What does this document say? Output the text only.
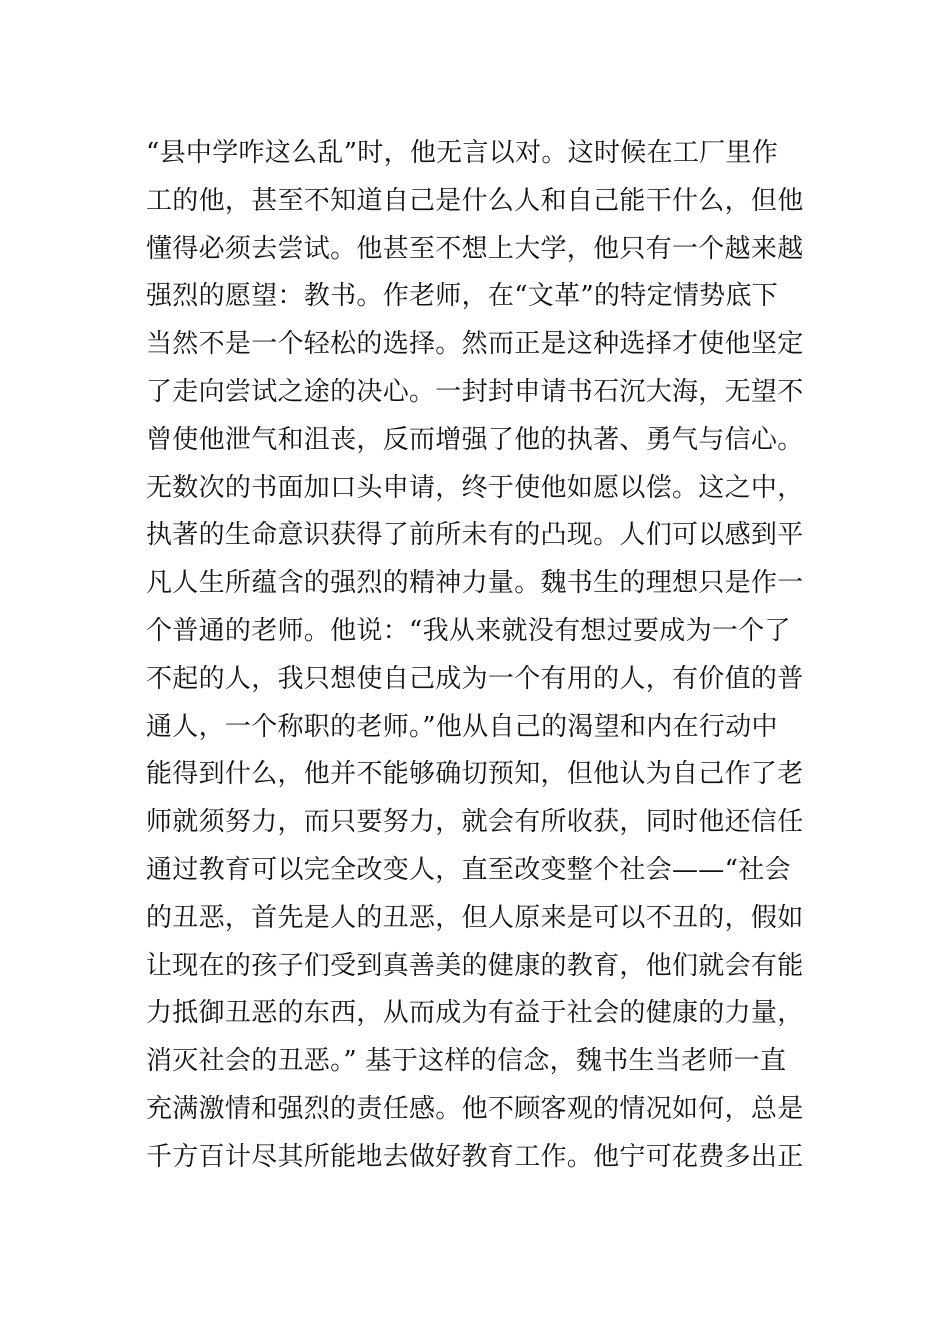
“县中学咋这么乱”时，他无言以对。这时候在工厂里作
工的他，甚至不知道自己是什么人和自己能干什么，但他
懂得必须去尝试。他甚至不想上大学，他只有一个越来越
强烈的愿望：教书。作老师，在“文革”的特定情势底下
当然不是一个轻松的选择。然而正是这种选择才使他坚定
了走向尝试之途的决心。一封封申请书石沉大海，无望不
曾使他泄气和沮丧，反而增强了他的执著、勇气与信心。
无数次的书面加口头申请，终于使他如愿以偿。这之中，
执著的生命意识获得了前所未有的凸现。人们可以感到平
凡人生所蕴含的强烈的精神力量。魏书生的理想只是作一
个普通的老师。他说：“我从来就没有想过要成为一个了
不起的人，我只想使自己成为一个有用的人，有价值的普
通人，一个称职的老师。”他从自己的渴望和内在行动中
能得到什么，他并不能够确切预知，但他认为自己作了老
师就须努力，而只要努力，就会有所收获，同时他还信任
通过教育可以完全改变人，直至改变整个社会——“社会
的丑恶，首先是人的丑恶，但人原来是可以不丑的，假如
让现在的孩子们受到真善美的健康的教育，他们就会有能
力抵御丑恶的东西，从而成为有益于社会的健康的力量，
消灭社会的丑恶。” 基于这样的信念，魏书生当老师一直
充满激情和强烈的责任感。他不顾客观的情况如何，总是
千方百计尽其所能地去做好教育工作。他宁可花费多出正
